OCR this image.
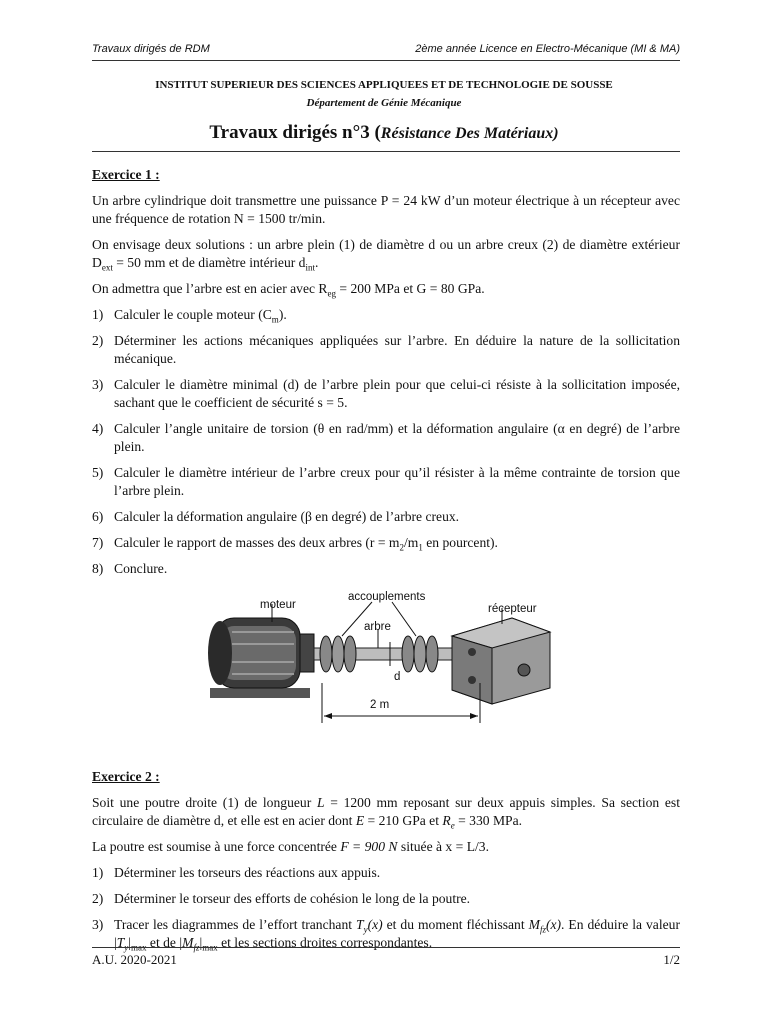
Travaux dirigés de RDM	2ème année Licence en Electro-Mécanique (MI & MA)
INSTITUT SUPERIEUR DES SCIENCES APPLIQUEES ET DE TECHNOLOGIE DE SOUSSE
Département de Génie Mécanique
Travaux dirigés n°3 (Résistance Des Matériaux)
Exercice 1 :

Un arbre cylindrique doit transmettre une puissance P = 24 kW d’un moteur électrique à un récepteur avec une fréquence de rotation N = 1500 tr/min.

On envisage deux solutions : un arbre plein (1) de diamètre d ou un arbre creux (2) de diamètre extérieur $D_{ext} = 50$ mm et de diamètre intérieur $d_{int}$.

On admettra que l’arbre est en acier avec $R_{eg} = 200$ MPa et G = 80 GPa.

1) Calculer le couple moteur $(C_m)$.
2) Déterminer les actions mécaniques appliquées sur l’arbre. En déduire la nature de la sollicitation mécanique.
3) Calculer le diamètre minimal (d) de l’arbre plein pour que celui-ci résiste à la sollicitation imposée, sachant que le coefficient de sécurité s = 5.
4) Calculer l’angle unitaire de torsion (θ en rad/mm) et la déformation angulaire (α en degré) de l’arbre plein.
5) Calculer le diamètre intérieur de l’arbre creux pour qu’il résister à la même contrainte de torsion que l’arbre plein.
6) Calculer la déformation angulaire (β en degré) de l’arbre creux.
7) Calculer le rapport de masses des deux arbres ($r = m_2/m_1$ en pourcent).
8) Conclure.
moteur
accouplements
arbre
récepteur
d
2 m
Exercice 2 :

Soit une poutre droite (1) de longueur L = 1200 mm reposant sur deux appuis simples. Sa section est circulaire de diamètre d, et elle est en acier dont E = 210 GPa et $R_e = 330$ MPa.

La poutre est soumise à une force concentrée F = 900 N située à x = L/3.

1) Déterminer les torseurs des réactions aux appuis.
2) Déterminer le torseur des efforts de cohésion le long de la poutre.
3) Tracer les diagrammes de l’effort tranchant $T_y(x)$ et du moment fléchissant $M_{fz}(x)$. En déduire la valeur $|T_y|_{max}$ et de $|M_{fz}|_{max}$ et les sections droites correspondantes.
A.U. 2020-2021	1/2
